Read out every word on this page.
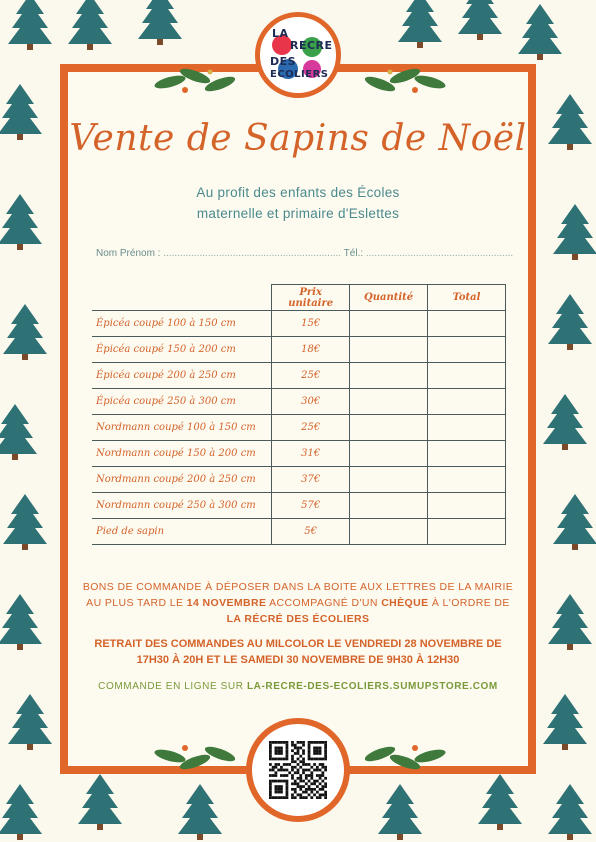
LA
RECRE
DES
ECOLIERS
Vente de Sapins de Noël
Au profit des enfants des Écoles
maternelle et primaire d'Eslettes
Nom Prénom : ................................................................ Tél.: .....................................................
	Prix unitaire	Quantité	Total
Épicéa coupé 100 à 150 cm	15€		
Épicéa coupé 150 à 200 cm	18€		
Épicéa coupé 200 à 250 cm	25€		
Épicéa coupé 250 à 300 cm	30€		
Nordmann coupé 100 à 150 cm	25€		
Nordmann coupé 150 à 200 cm	31€		
Nordmann coupé 200 à 250 cm	37€		
Nordmann coupé 250 à 300 cm	57€		
Pied de sapin	5€		
BONS DE COMMANDE À DÉPOSER DANS LA BOITE AUX LETTRES DE LA MAIRIE AU PLUS TARD LE 14 NOVEMBRE ACCOMPAGNÉ D'UN CHÈQUE À L'ORDRE DE LA RÉCRÉ DES ÉCOLIERS
RETRAIT DES COMMANDES AU MILCOLOR LE VENDREDI 28 NOVEMBRE DE
17H30 À 20H ET LE SAMEDI 30 NOVEMBRE DE 9H30 À 12H30
COMMANDE EN LIGNE SUR LA-RECRE-DES-ECOLIERS.SUMUPSTORE.COM
